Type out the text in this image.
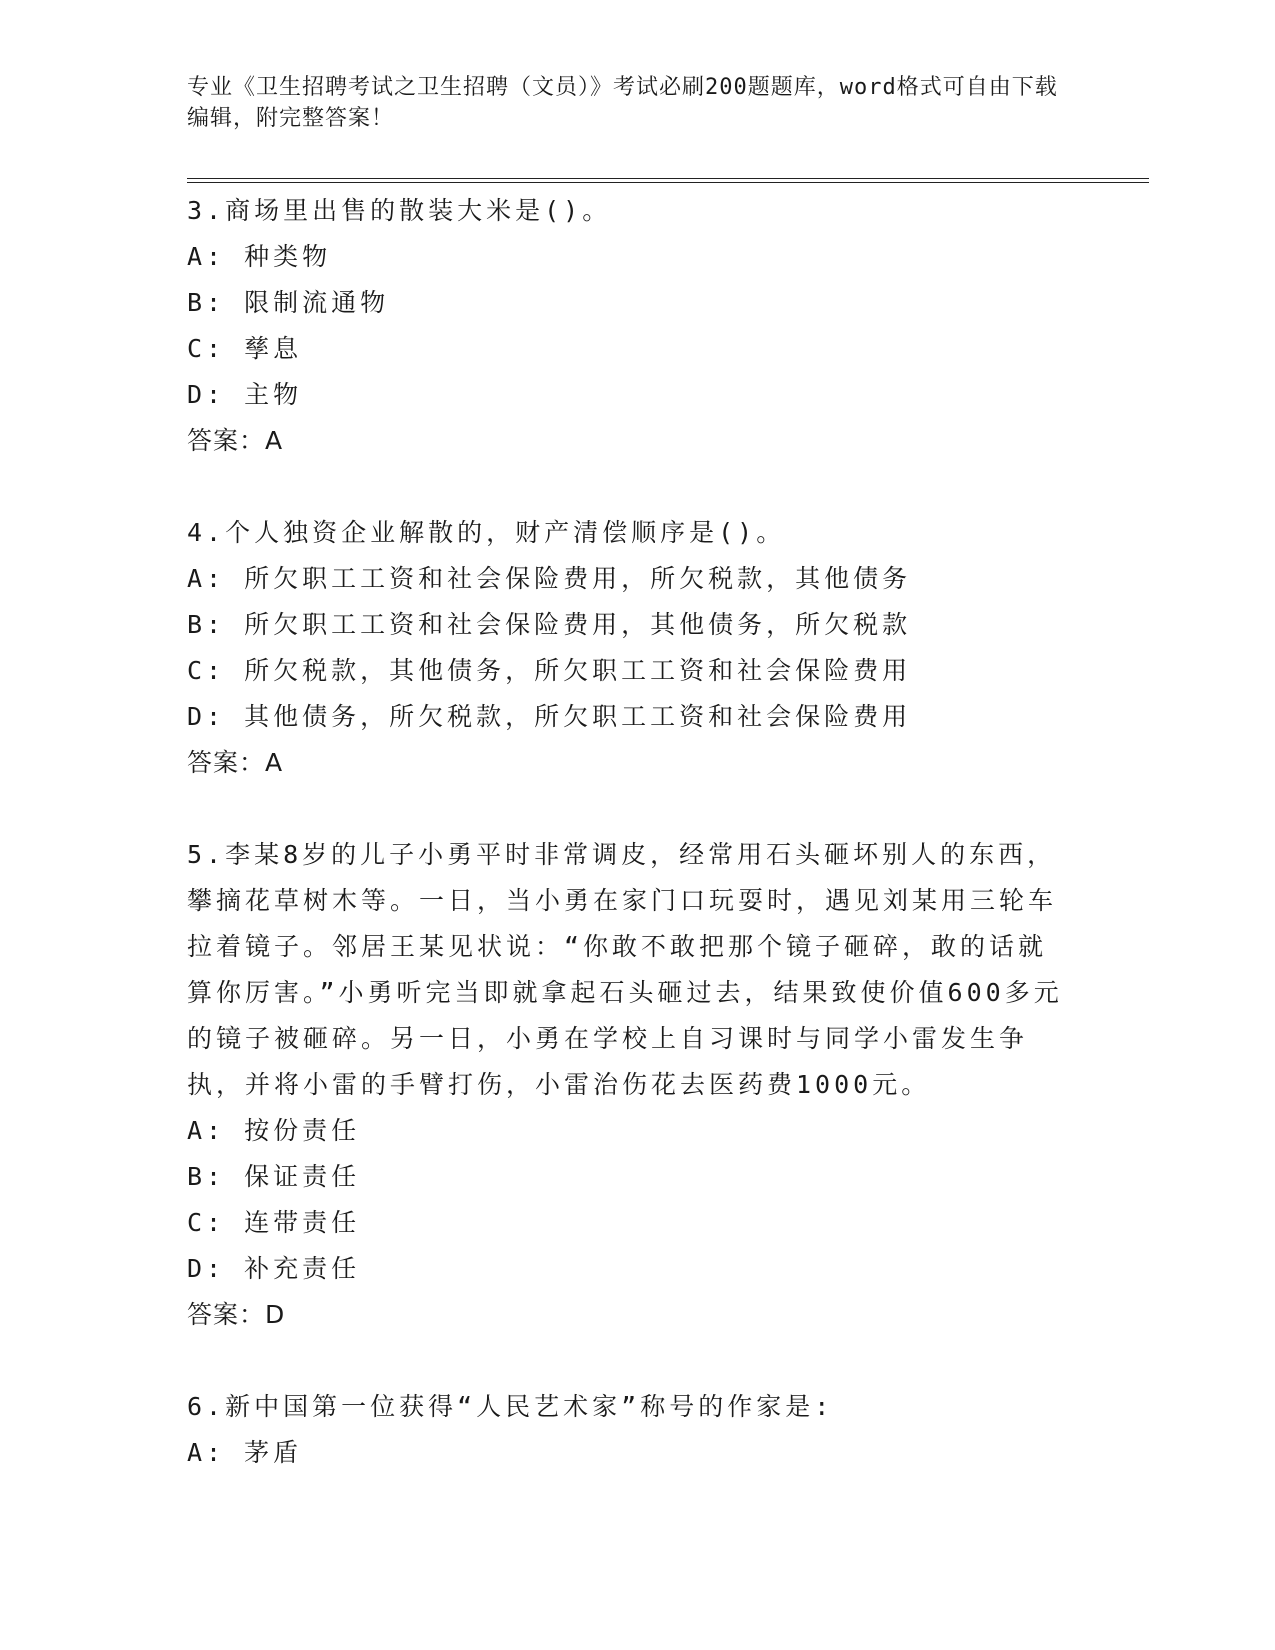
专业《卫生招聘考试之卫生招聘（文员）》考试必刷200题题库，word格式可自由下载编辑，附完整答案！
3.商场里出售的散装大米是()。
A: 种类物
B: 限制流通物
C: 孳息
D: 主物
答案：A
4.个人独资企业解散的，财产清偿顺序是()。
A: 所欠职工工资和社会保险费用，所欠税款，其他债务
B: 所欠职工工资和社会保险费用，其他债务，所欠税款
C: 所欠税款，其他债务，所欠职工工资和社会保险费用
D: 其他债务，所欠税款，所欠职工工资和社会保险费用
答案：A
5.李某8岁的儿子小勇平时非常调皮，经常用石头砸坏别人的东西，攀摘花草树木等。一日，当小勇在家门口玩耍时，遇见刘某用三轮车拉着镜子。邻居王某见状说：“你敢不敢把那个镜子砸碎，敢的话就算你厉害。”小勇听完当即就拿起石头砸过去，结果致使价值600多元的镜子被砸碎。另一日，小勇在学校上自习课时与同学小雷发生争执，并将小雷的手臂打伤，小雷治伤花去医药费1000元。
A: 按份责任
B: 保证责任
C: 连带责任
D: 补充责任
答案：D
6.新中国第一位获得“人民艺术家”称号的作家是:
A: 茅盾
